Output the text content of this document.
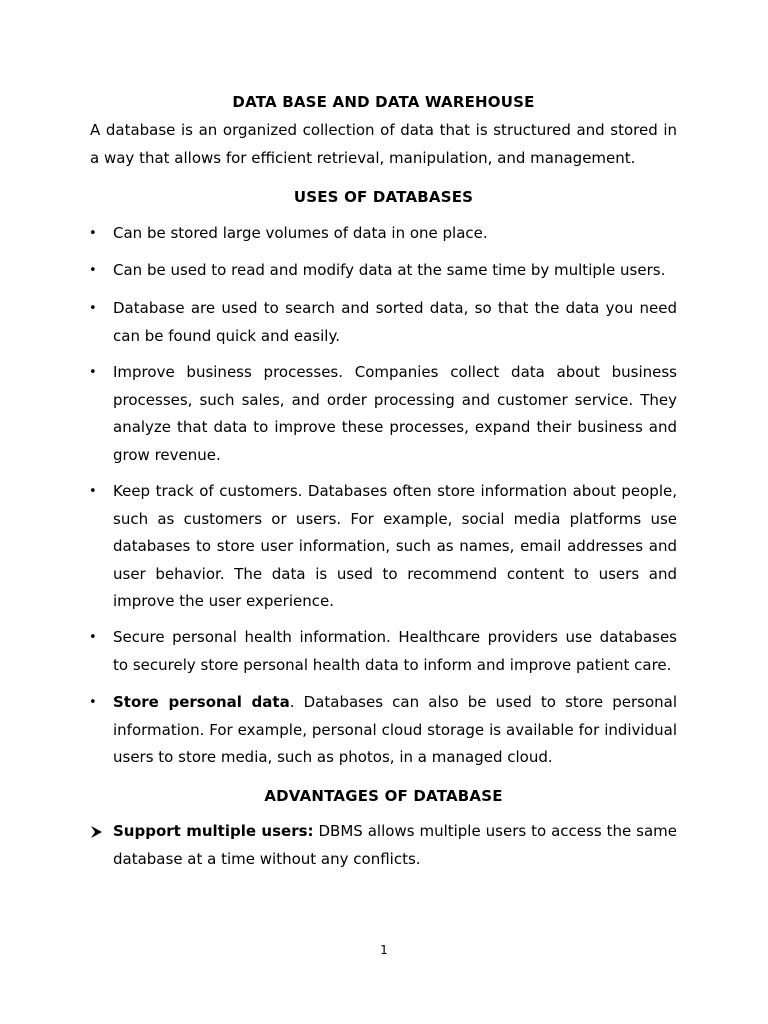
DATA BASE AND DATA WAREHOUSE

A database is an organized collection of data that is structured and stored in a way that allows for efficient retrieval, manipulation, and management.

USES OF DATABASES

•	Can be stored large volumes of data in one place.
•	Can be used to read and modify data at the same time by multiple users.
•	Database are used to search and sorted data, so that the data you need can be found quick and easily.
•	Improve business processes. Companies collect data about business processes, such sales, and order processing and customer service. They analyze that data to improve these processes, expand their business and grow revenue.
•	Keep track of customers. Databases often store information about people, such as customers or users. For example, social media platforms use databases to store user information, such as names, email addresses and user behavior. The data is used to recommend content to users and improve the user experience.
•	Secure personal health information. Healthcare providers use databases to securely store personal health data to inform and improve patient care.
•	Store personal data. Databases can also be used to store personal information. For example, personal cloud storage is available for individual users to store media, such as photos, in a managed cloud.

ADVANTAGES OF DATABASE

Support multiple users: DBMS allows multiple users to access the same database at a time without any conflicts.
1
